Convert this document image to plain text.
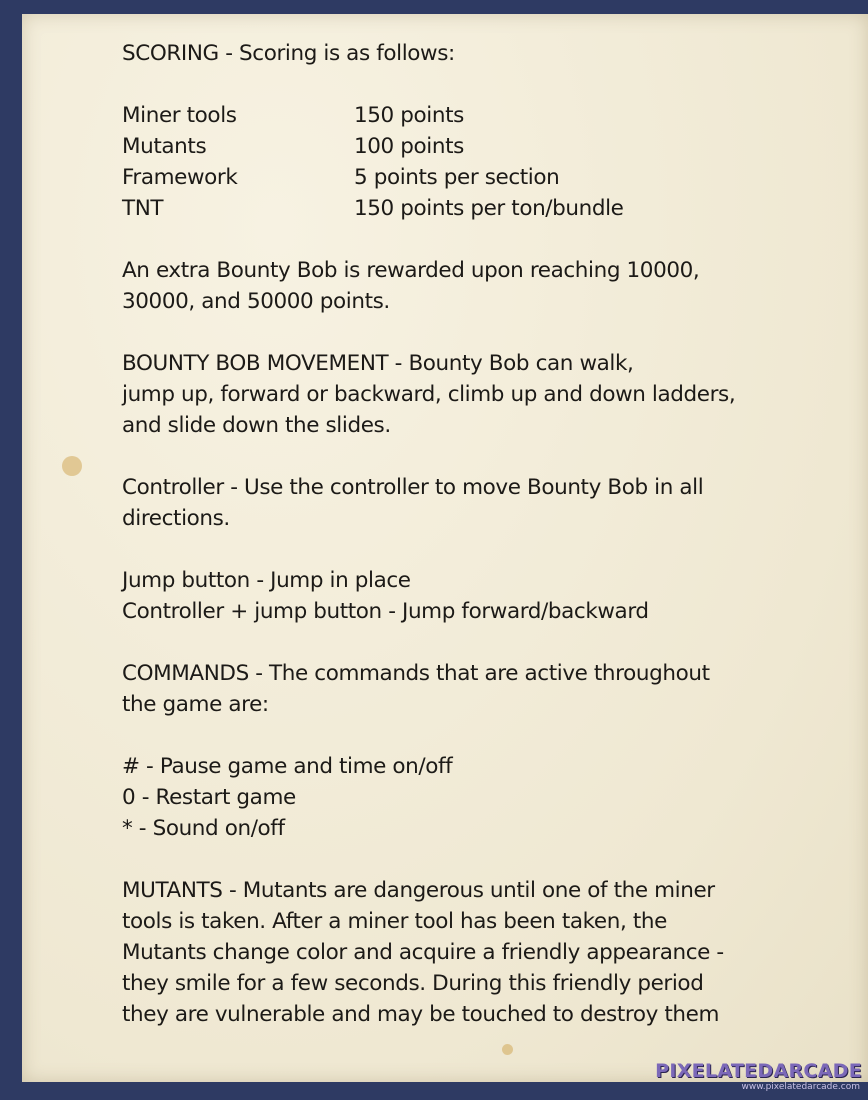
SCORING - Scoring is as follows:

Miner tools	150 points
Mutants	100 points
Framework	5 points per section
TNT	150 points per ton/bundle

An extra Bounty Bob is rewarded upon reaching 10000,

30000, and 50000 points.

BOUNTY BOB MOVEMENT - Bounty Bob can walk,

jump up, forward or backward, climb up and down ladders,

and slide down the slides.

Controller - Use the controller to move Bounty Bob in all

directions.

Jump button - Jump in place

Controller + jump button - Jump forward/backward

COMMANDS - The commands that are active throughout

the game are:

# - Pause game and time on/off

0 - Restart game

* - Sound on/off

MUTANTS - Mutants are dangerous until one of the miner

tools is taken. After a miner tool has been taken, the

Mutants change color and acquire a friendly appearance -

they smile for a few seconds. During this friendly period

they are vulnerable and may be touched to destroy them

PIXELATEDARCADE
www.pixelatedarcade.com
